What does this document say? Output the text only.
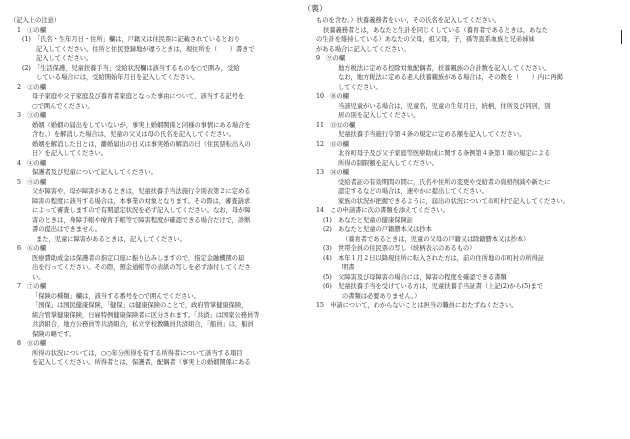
（裏）
（記入上の注意）
1　①の欄
(1)　「氏名・生年月日・住所」欄は，戸籍又は住民票に記載されているとおり
記入してください。住所と住民登録地が違うときは，現住所を（　　）書きで
記入してください。
(2)　「生活保護，児童扶養手当」受給状況欄は該当するものを○で囲み，受給
している場合には，受給開始年月日を記入してください。
2　②の欄
母子家庭や父子家庭及び養育者家庭となった事由について，該当する記号を
○で囲んでください。
3　③の欄
婚姻（婚姻の届出をしていないが，事実上婚姻関係と同様の事情にある場合を
含む。）を解消した場合は，児童の父又は母の氏名を記入してください。
婚姻を解消した日とは，離婚届出の日又は事実婚の解消の日（住民票転出入の
日）を記入してください。
4　④の欄
保護者及び児童について記入してください。
5　⑤の欄
父が障害や，母が障害があるときは，児童扶養手当法施行令別表第２に定める
障害の程度に該当する場合は，本事業の対象となります。その際は，審査請求
によって審査しますので有期認定状況を必ず記入してください。なお，母が障
害のときは，身障手帳や療育手帳等で障害程度が確認できる場合だけで，診断
書の提出はできません。
また，児童に障害があるときは，記入してください。
6　⑥の欄
医療費助成金は保護者の指定口座に振り込みしますので，指定金融機関の届
出を行ってください。その際，預金通帳等の表紙の写しを必ず添付してくださ
い。
7　⑦の欄
「保険の種類」欄は，該当する番号を○で囲んでください。
「国保」は国民健康保険，「健保」は健康保険のことで，政府管掌健康保険，
組合管掌健康保険，日雇特例健康保険者に区分されます。「共済」は国家公務員等
共済組合，地方公務員等共済組合，私立学校教職員共済組合，「船員」は，船員
保険の略です。
8　⑧の欄
所得の状況については，○○年分所得を有する所得者について該当する項目
を記入してください。所得者とは，保護者，配偶者（事実上の婚姻関係にある
ものを含む。）扶養義務者をいい，その氏名を記入してください。
扶養義務者とは，あなたと生計を同じくしている（養育者であるときは，あなた
の生計を維持している）あなたの父母，祖父母，子，孫等直系血族と兄弟姉妹
がある場合に記入してください。
9　⑨の欄
地方税法に定める控除対象配偶者，扶養親族の合計数を記入してください。
なお，地方税法に定める老人扶養親族がある場合は，その数を（　　）内に再掲
してください。
10　⑩の欄
当該児童がいる場合は，児童名，児童の生年月日，続柄，住所及び同居，別
居の別を記入してください。
11　⑪⑫の欄
児童扶養手当施行令第４条の規定に定める額を記入してください。
12　⑬の欄
北谷町母子及び父子家庭等医療助成に関する条例第４条第１項の規定による
所得の制限額を記入してください。
13　⑭の欄
受給者証の有効期間の間に，氏名や住所の変更や受給者の資格削減や新たに
認定するなどの場合は，速やかに提出してください。
家族の状況が把握できるように，届出の状況について市町村で記入してください。
14　この申請書に次の書類を添えてください。
(1)　あなたと児童の健康保険証
(2)　あなたと児童の戸籍謄本又は抄本
（養育者であるときは，児童の父母の戸籍又は除籍謄本又は抄本）
(3)　世帯全員の住民票の写し（続柄表示のあるもの）
(4)　本年１月２日以降現住所に転入された方は，前の住所地の市町村の所得証
明書
(5)　父障害及び母障害の場合には，障害の程度を確認できる書類
(6)　児童扶養手当を受けている方は，児童扶養手当証書（上記(2)から(5)まで
の書類は必要ありません。）
15　申請について，わからないことは担当の職員におたずねください。
